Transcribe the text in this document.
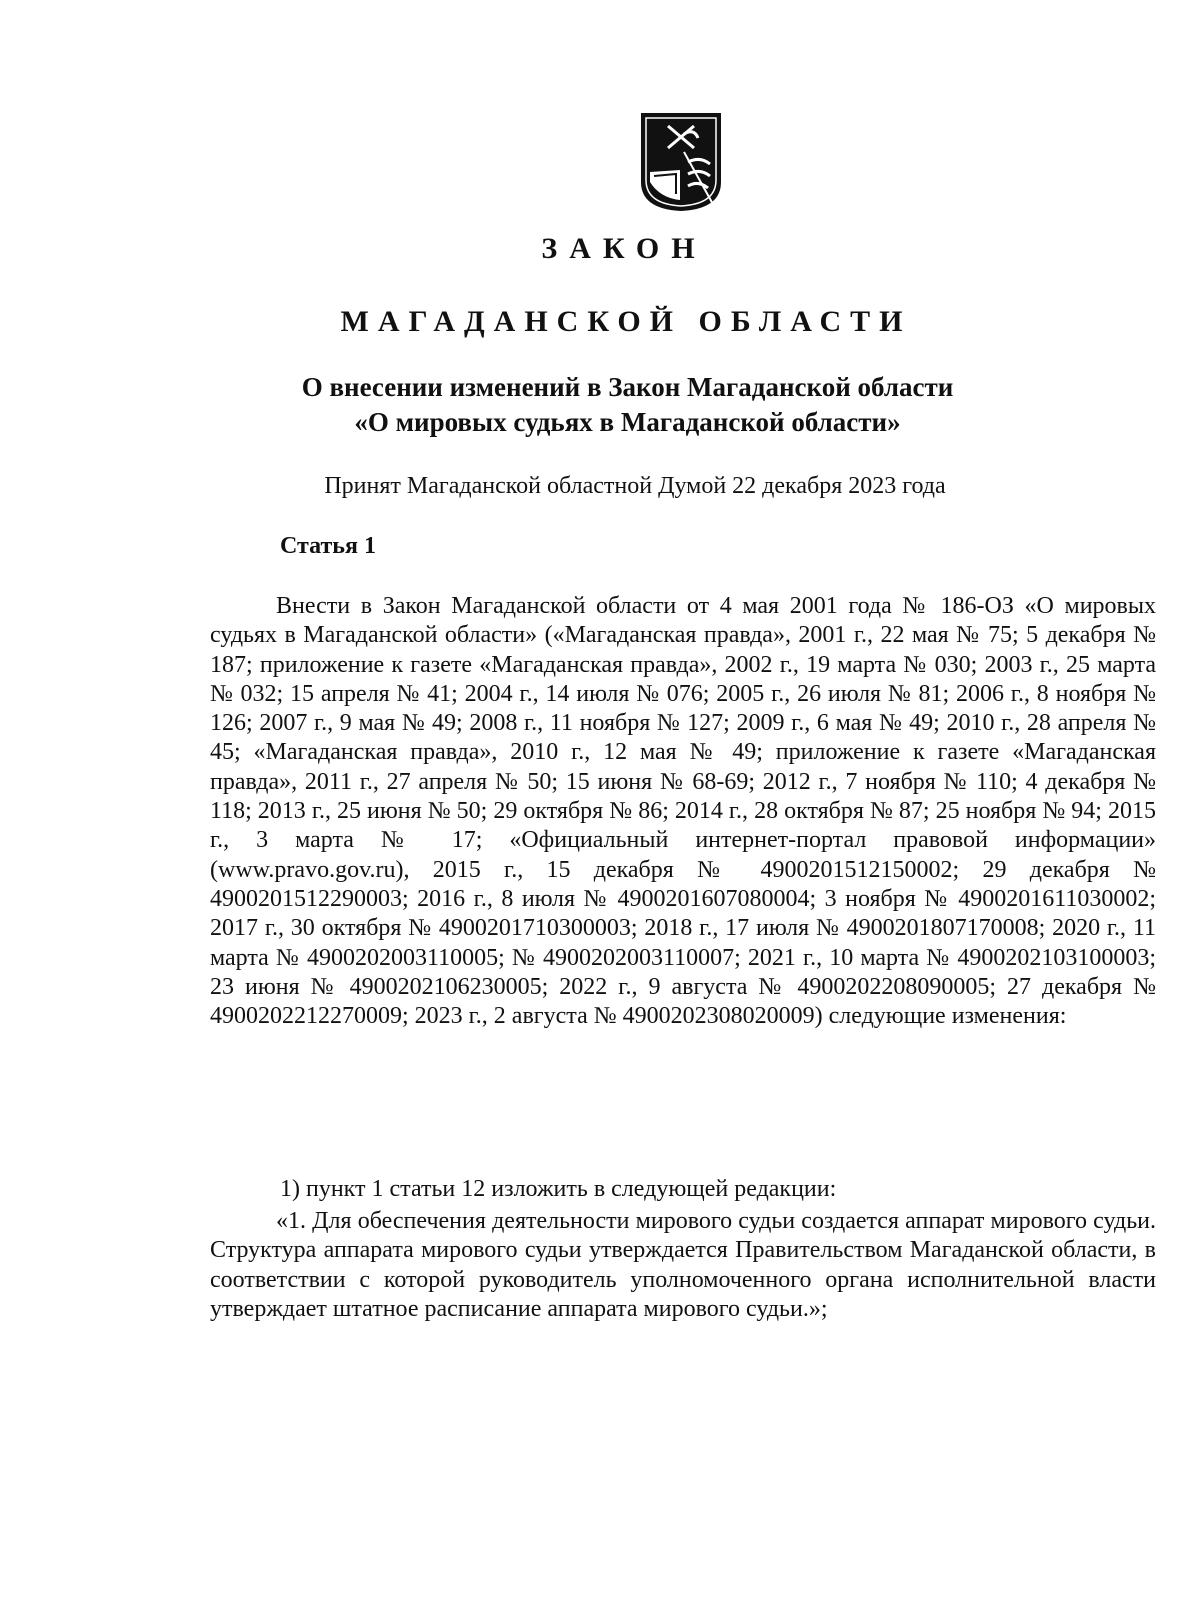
ЗАКОН
МАГАДАНСКОЙ ОБЛАСТИ
О внесении изменений в Закон Магаданской области
«О мировых судьях в Магаданской области»
Принят Магаданской областной Думой 22 декабря 2023 года
Статья 1

Внести в Закон Магаданской области от 4 мая 2001 года № 186-ОЗ «О мировых судьях в Магаданской области» («Магаданская правда», 2001 г., 22 мая № 75; 5 декабря № 187; приложение к газете «Магаданская правда», 2002 г., 19 марта № 030; 2003 г., 25 марта № 032; 15 апреля № 41; 2004 г., 14 июля № 076; 2005 г., 26 июля № 81; 2006 г., 8 ноября № 126; 2007 г., 9 мая № 49; 2008 г., 11 ноября № 127; 2009 г., 6 мая № 49; 2010 г., 28 апреля № 45; «Магаданская правда», 2010 г., 12 мая № 49; приложение к газете «Магаданская правда», 2011 г., 27 апреля № 50; 15 июня № 68-69; 2012 г., 7 ноября № 110; 4 декабря № 118; 2013 г., 25 июня № 50; 29 октября № 86; 2014 г., 28 октября № 87; 25 ноября № 94; 2015 г., 3 марта № 17; «Официальный интернет-портал правовой информации» (www.pravo.gov.ru), 2015 г., 15 декабря № 4900201512150002; 29 декабря № 4900201512290003; 2016 г., 8 июля № 4900201607080004; 3 ноября № 4900201611030002; 2017 г., 30 октября № 4900201710300003; 2018 г., 17 июля № 4900201807170008; 2020 г., 11 марта № 4900202003110005; № 4900202003110007; 2021 г., 10 марта № 4900202103100003; 23 июня № 4900202106230005; 2022 г., 9 августа № 4900202208090005; 27 декабря № 4900202212270009; 2023 г., 2 августа № 4900202308020009) следующие изменения:

1) пункт 1 статьи 12 изложить в следующей редакции:

«1. Для обеспечения деятельности мирового судьи создается аппарат мирового судьи. Структура аппарата мирового судьи утверждается Правительством Магаданской области, в соответствии с которой руководитель уполномоченного органа исполнительной власти утверждает штатное расписание аппарата мирового судьи.»;
